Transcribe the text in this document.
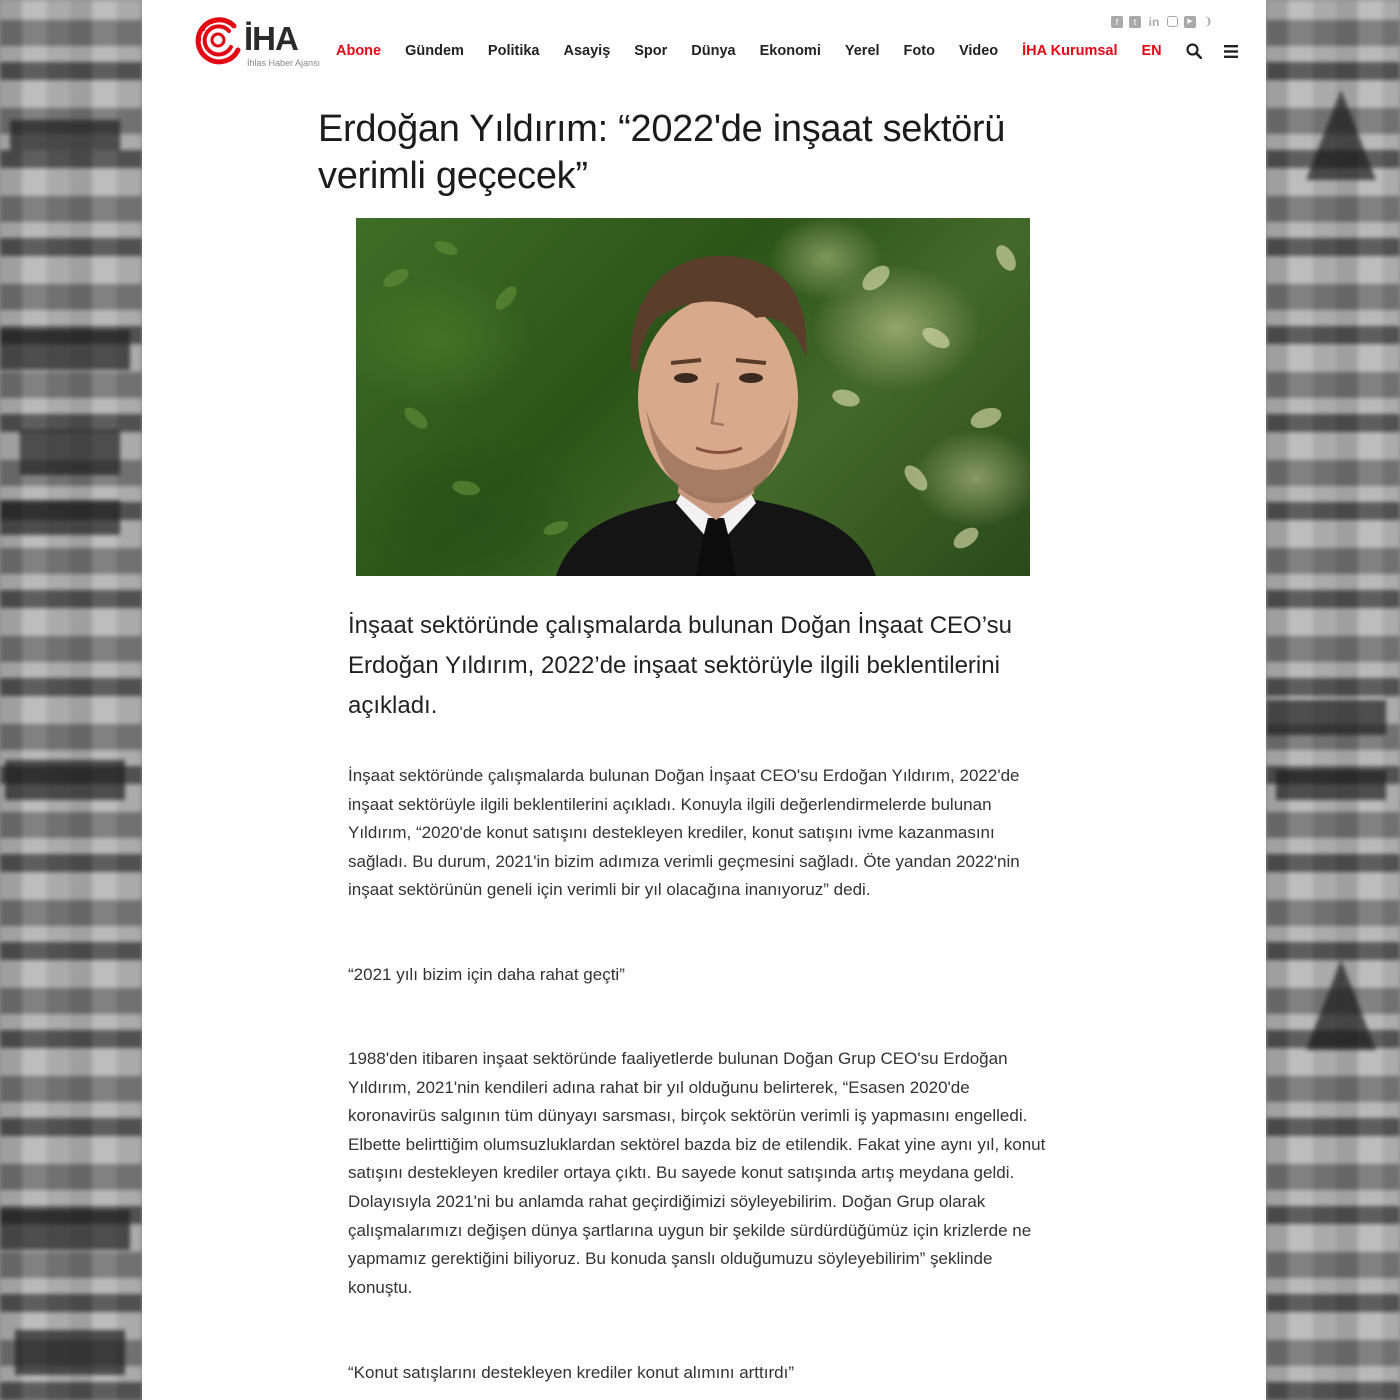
İHA
İhlas Haber Ajansı
f	t	in	▶ ❩
Abone Gündem Politika Asayiş Spor Dünya Ekonomi Yerel Foto Video İHA Kurumsal EN
Erdoğan Yıldırım: “2022'de inşaat sektörü verimli geçecek”

İnşaat sektöründe çalışmalarda bulunan Doğan İnşaat CEO’su Erdoğan Yıldırım, 2022’de inşaat sektörüyle ilgili beklentilerini açıkladı.

İnşaat sektöründe çalışmalarda bulunan Doğan İnşaat CEO'su Erdoğan Yıldırım, 2022'de inşaat sektörüyle ilgili beklentilerini açıkladı. Konuyla ilgili değerlendirmelerde bulunan Yıldırım, “2020'de konut satışını destekleyen krediler, konut satışını ivme kazanmasını sağladı. Bu durum, 2021'in bizim adımıza verimli geçmesini sağladı. Öte yandan 2022'nin inşaat sektörünün geneli için verimli bir yıl olacağına inanıyoruz” dedi.

“2021 yılı bizim için daha rahat geçti”

1988'den itibaren inşaat sektöründe faaliyetlerde bulunan Doğan Grup CEO'su Erdoğan Yıldırım, 2021'nin kendileri adına rahat bir yıl olduğunu belirterek, “Esasen 2020'de koronavirüs salgının tüm dünyayı sarsması, birçok sektörün verimli iş yapmasını engelledi. Elbette belirttiğim olumsuzluklardan sektörel bazda biz de etilendik. Fakat yine aynı yıl, konut satışını destekleyen krediler ortaya çıktı. Bu sayede konut satışında artış meydana geldi. Dolayısıyla 2021'ni bu anlamda rahat geçirdiğimizi söyleyebilirim. Doğan Grup olarak çalışmalarımızı değişen dünya şartlarına uygun bir şekilde sürdürdüğümüz için krizlerde ne yapmamız gerektiğini biliyoruz. Bu konuda şanslı olduğumuzu söyleyebilirim” şeklinde konuştu.

“Konut satışlarını destekleyen krediler konut alımını arttırdı”
